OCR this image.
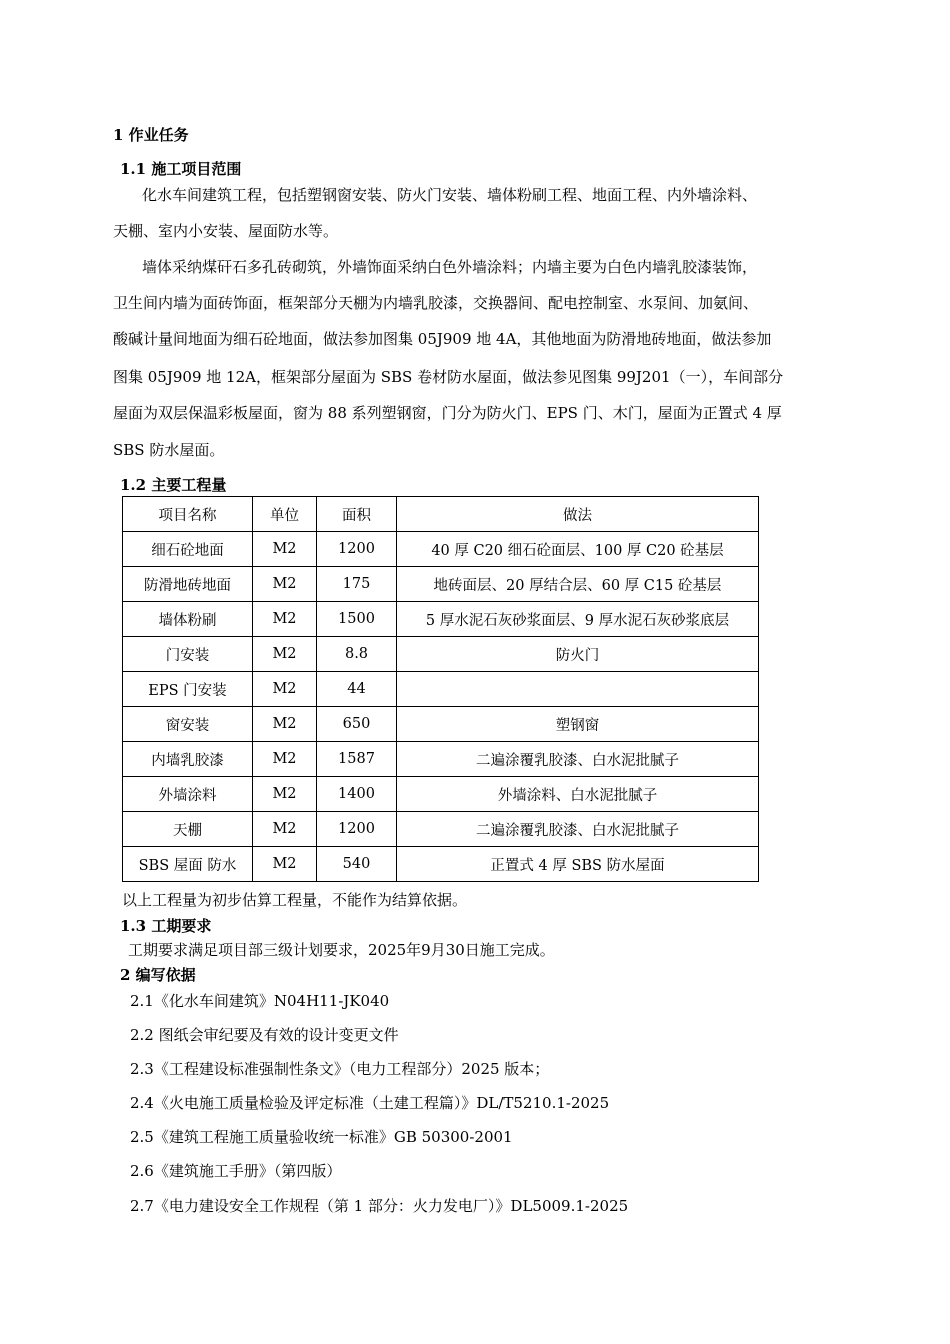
1 作业任务
1.1 施工项目范围
化水车间建筑工程，包括塑钢窗安装、防火门安装、墙体粉刷工程、地面工程、内外墙涂料、
天棚、室内小安装、屋面防水等。
墙体采纳煤矸石多孔砖砌筑，外墙饰面采纳白色外墙涂料；内墙主要为白色内墙乳胶漆装饰，
卫生间内墙为面砖饰面，框架部分天棚为内墙乳胶漆，交换器间、配电控制室、水泵间、加氨间、
酸碱计量间地面为细石砼地面，做法参加图集 05J909 地 4A，其他地面为防滑地砖地面，做法参加
图集 05J909 地 12A，框架部分屋面为 SBS 卷材防水屋面，做法参见图集 99J201（一），车间部分
屋面为双层保温彩板屋面，窗为 88 系列塑钢窗，门分为防火门、EPS 门、木门，屋面为正置式 4 厚
SBS 防水屋面。
1.2 主要工程量
项目名称	单位	面积	做法
细石砼地面	M2	1200	40 厚 C20 细石砼面层、100 厚 C20 砼基层
防滑地砖地面	M2	175	地砖面层、20 厚结合层、60 厚 C15 砼基层
墙体粉刷	M2	1500	5 厚水泥石灰砂浆面层、9 厚水泥石灰砂浆底层
门安装	M2	8.8	防火门
EPS 门安装	M2	44	
窗安装	M2	650	塑钢窗
内墙乳胶漆	M2	1587	二遍涂覆乳胶漆、白水泥批腻子
外墙涂料	M2	1400	外墙涂料、白水泥批腻子
天棚	M2	1200	二遍涂覆乳胶漆、白水泥批腻子
SBS 屋面 防水	M2	540	正置式 4 厚 SBS 防水屋面
以上工程量为初步估算工程量，不能作为结算依据。
1.3 工期要求
工期要求满足项目部三级计划要求，2025年9月30日施工完成。
2 编写依据
2.1《化水车间建筑》N04H11-JK040
2.2 图纸会审纪要及有效的设计变更文件
2.3《工程建设标准强制性条文》（电力工程部分）2025 版本；
2.4《火电施工质量检验及评定标准（土建工程篇）》DL/T5210.1-2025
2.5《建筑工程施工质量验收统一标准》GB 50300-2001
2.6《建筑施工手册》（第四版）
2.7《电力建设安全工作规程（第 1 部分：火力发电厂）》DL5009.1-2025
